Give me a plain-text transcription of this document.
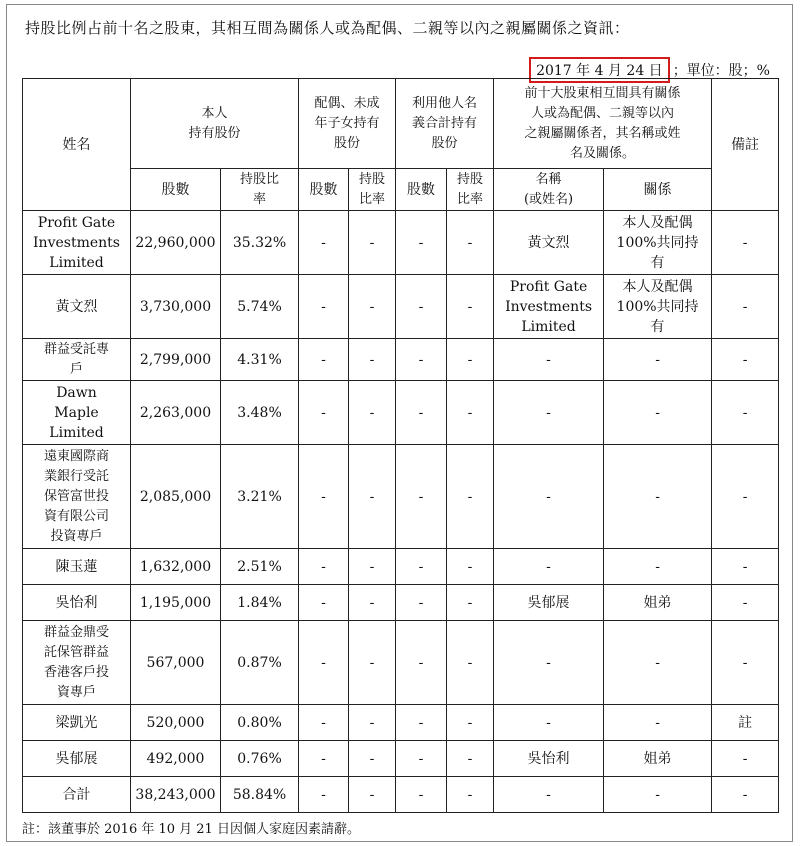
持股比例占前十名之股東，其相互間為關係人或為配偶、二親等以內之親屬關係之資訊：
2017 年 4 月 24 日 ；單位：股；%
姓名	本人
持有股份		配偶、未成
年子女持有
股份		利用他人名
義合計持有
股份		前十大股東相互間具有關係
人或為配偶、二親等以內
之親屬關係者，其名稱或姓
名及關係。		備註
	股數	持股比
率	股數	持股
比率	股數	持股
比率	名稱
(或姓名)	關係	
Profit Gate
Investments
Limited	22,960,000	35.32%	-	-	-	-	黃文烈	本人及配偶
100%共同持
有	-
黃文烈	3,730,000	5.74%	-	-	-	-	Profit Gate
Investments
Limited	本人及配偶
100%共同持
有	-
群益受託專
戶	2,799,000	4.31%	-	-	-	-	-	-	-
Dawn
Maple
Limited	2,263,000	3.48%	-	-	-	-	-	-	-
遠東國際商
業銀行受託
保管富世投
資有限公司
投資專戶	2,085,000	3.21%	-	-	-	-	-	-	-
陳玉蓮	1,632,000	2.51%	-	-	-	-	-	-	-
吳怡利	1,195,000	1.84%	-	-	-	-	吳郁展	姐弟	-
群益金鼎受
託保管群益
香港客戶投
資專戶	567,000	0.87%	-	-	-	-	-	-	-
梁凱光	520,000	0.80%	-	-	-	-	-	-	註
吳郁展	492,000	0.76%	-	-	-	-	吳怡利	姐弟	-
合計	38,243,000	58.84%	-	-	-	-	-	-	-
註：該董事於 2016 年 10 月 21 日因個人家庭因素請辭。
